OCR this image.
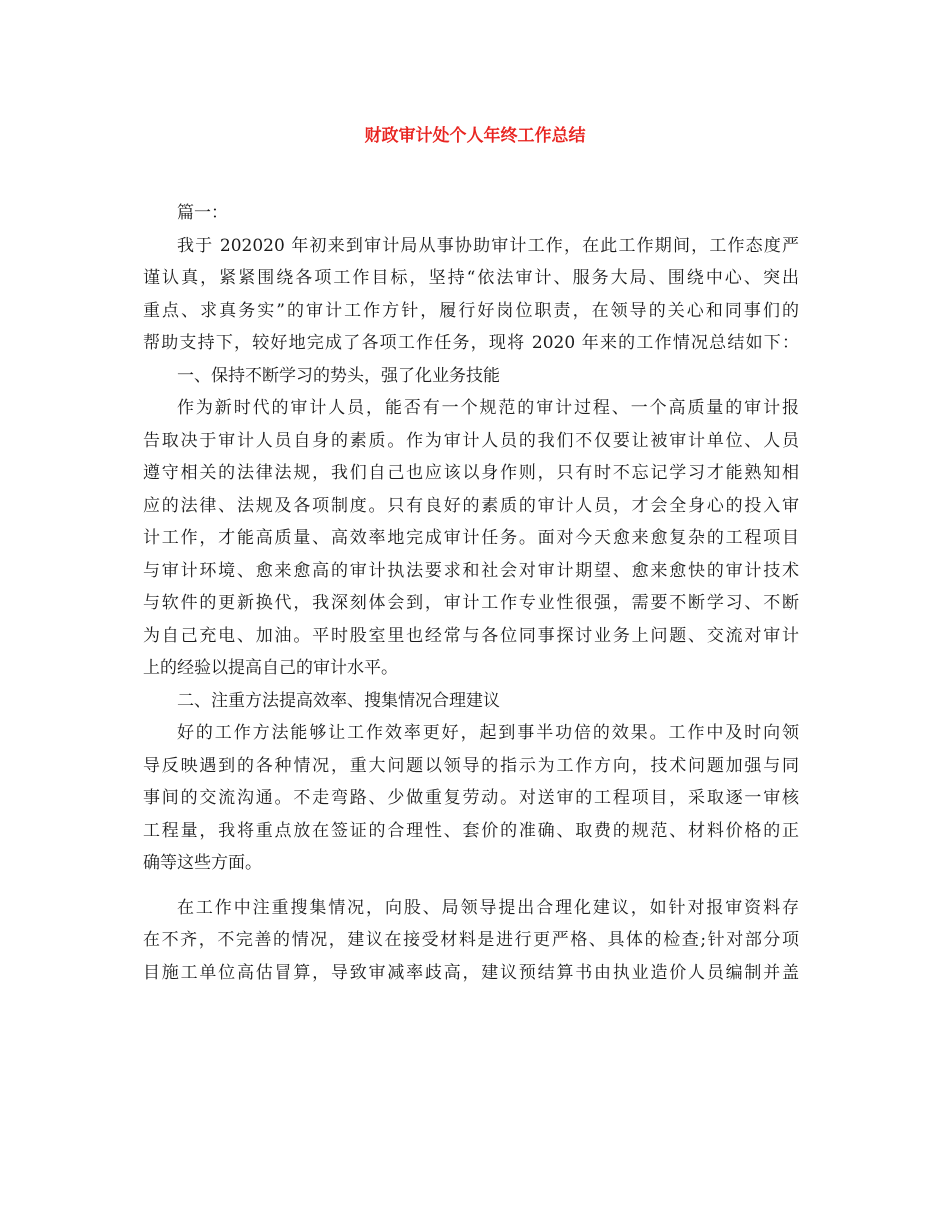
财政审计处个人年终工作总结
篇一：
我于 202020 年初来到审计局从事协助审计工作，在此工作期间，工作态度严
谨认真，紧紧围绕各项工作目标，坚持“依法审计、服务大局、围绕中心、突出
重点、求真务实”的审计工作方针，履行好岗位职责，在领导的关心和同事们的
帮助支持下，较好地完成了各项工作任务，现将 2020 年来的工作情况总结如下：
一、保持不断学习的势头，强了化业务技能
作为新时代的审计人员，能否有一个规范的审计过程、一个高质量的审计报
告取决于审计人员自身的素质。作为审计人员的我们不仅要让被审计单位、人员
遵守相关的法律法规，我们自己也应该以身作则，只有时不忘记学习才能熟知相
应的法律、法规及各项制度。只有良好的素质的审计人员，才会全身心的投入审
计工作，才能高质量、高效率地完成审计任务。面对今天愈来愈复杂的工程项目
与审计环境、愈来愈高的审计执法要求和社会对审计期望、愈来愈快的审计技术
与软件的更新换代，我深刻体会到，审计工作专业性很强，需要不断学习、不断
为自己充电、加油。平时股室里也经常与各位同事探讨业务上问题、交流对审计
上的经验以提高自己的审计水平。
二、注重方法提高效率、搜集情况合理建议
好的工作方法能够让工作效率更好，起到事半功倍的效果。工作中及时向领
导反映遇到的各种情况，重大问题以领导的指示为工作方向，技术问题加强与同
事间的交流沟通。不走弯路、少做重复劳动。对送审的工程项目，采取逐一审核
工程量，我将重点放在签证的合理性、套价的准确、取费的规范、材料价格的正
确等这些方面。
在工作中注重搜集情况，向股、局领导提出合理化建议，如针对报审资料存
在不齐，不完善的情况，建议在接受材料是进行更严格、具体的检查;针对部分项
目施工单位高估冒算，导致审减率歧高，建议预结算书由执业造价人员编制并盖
